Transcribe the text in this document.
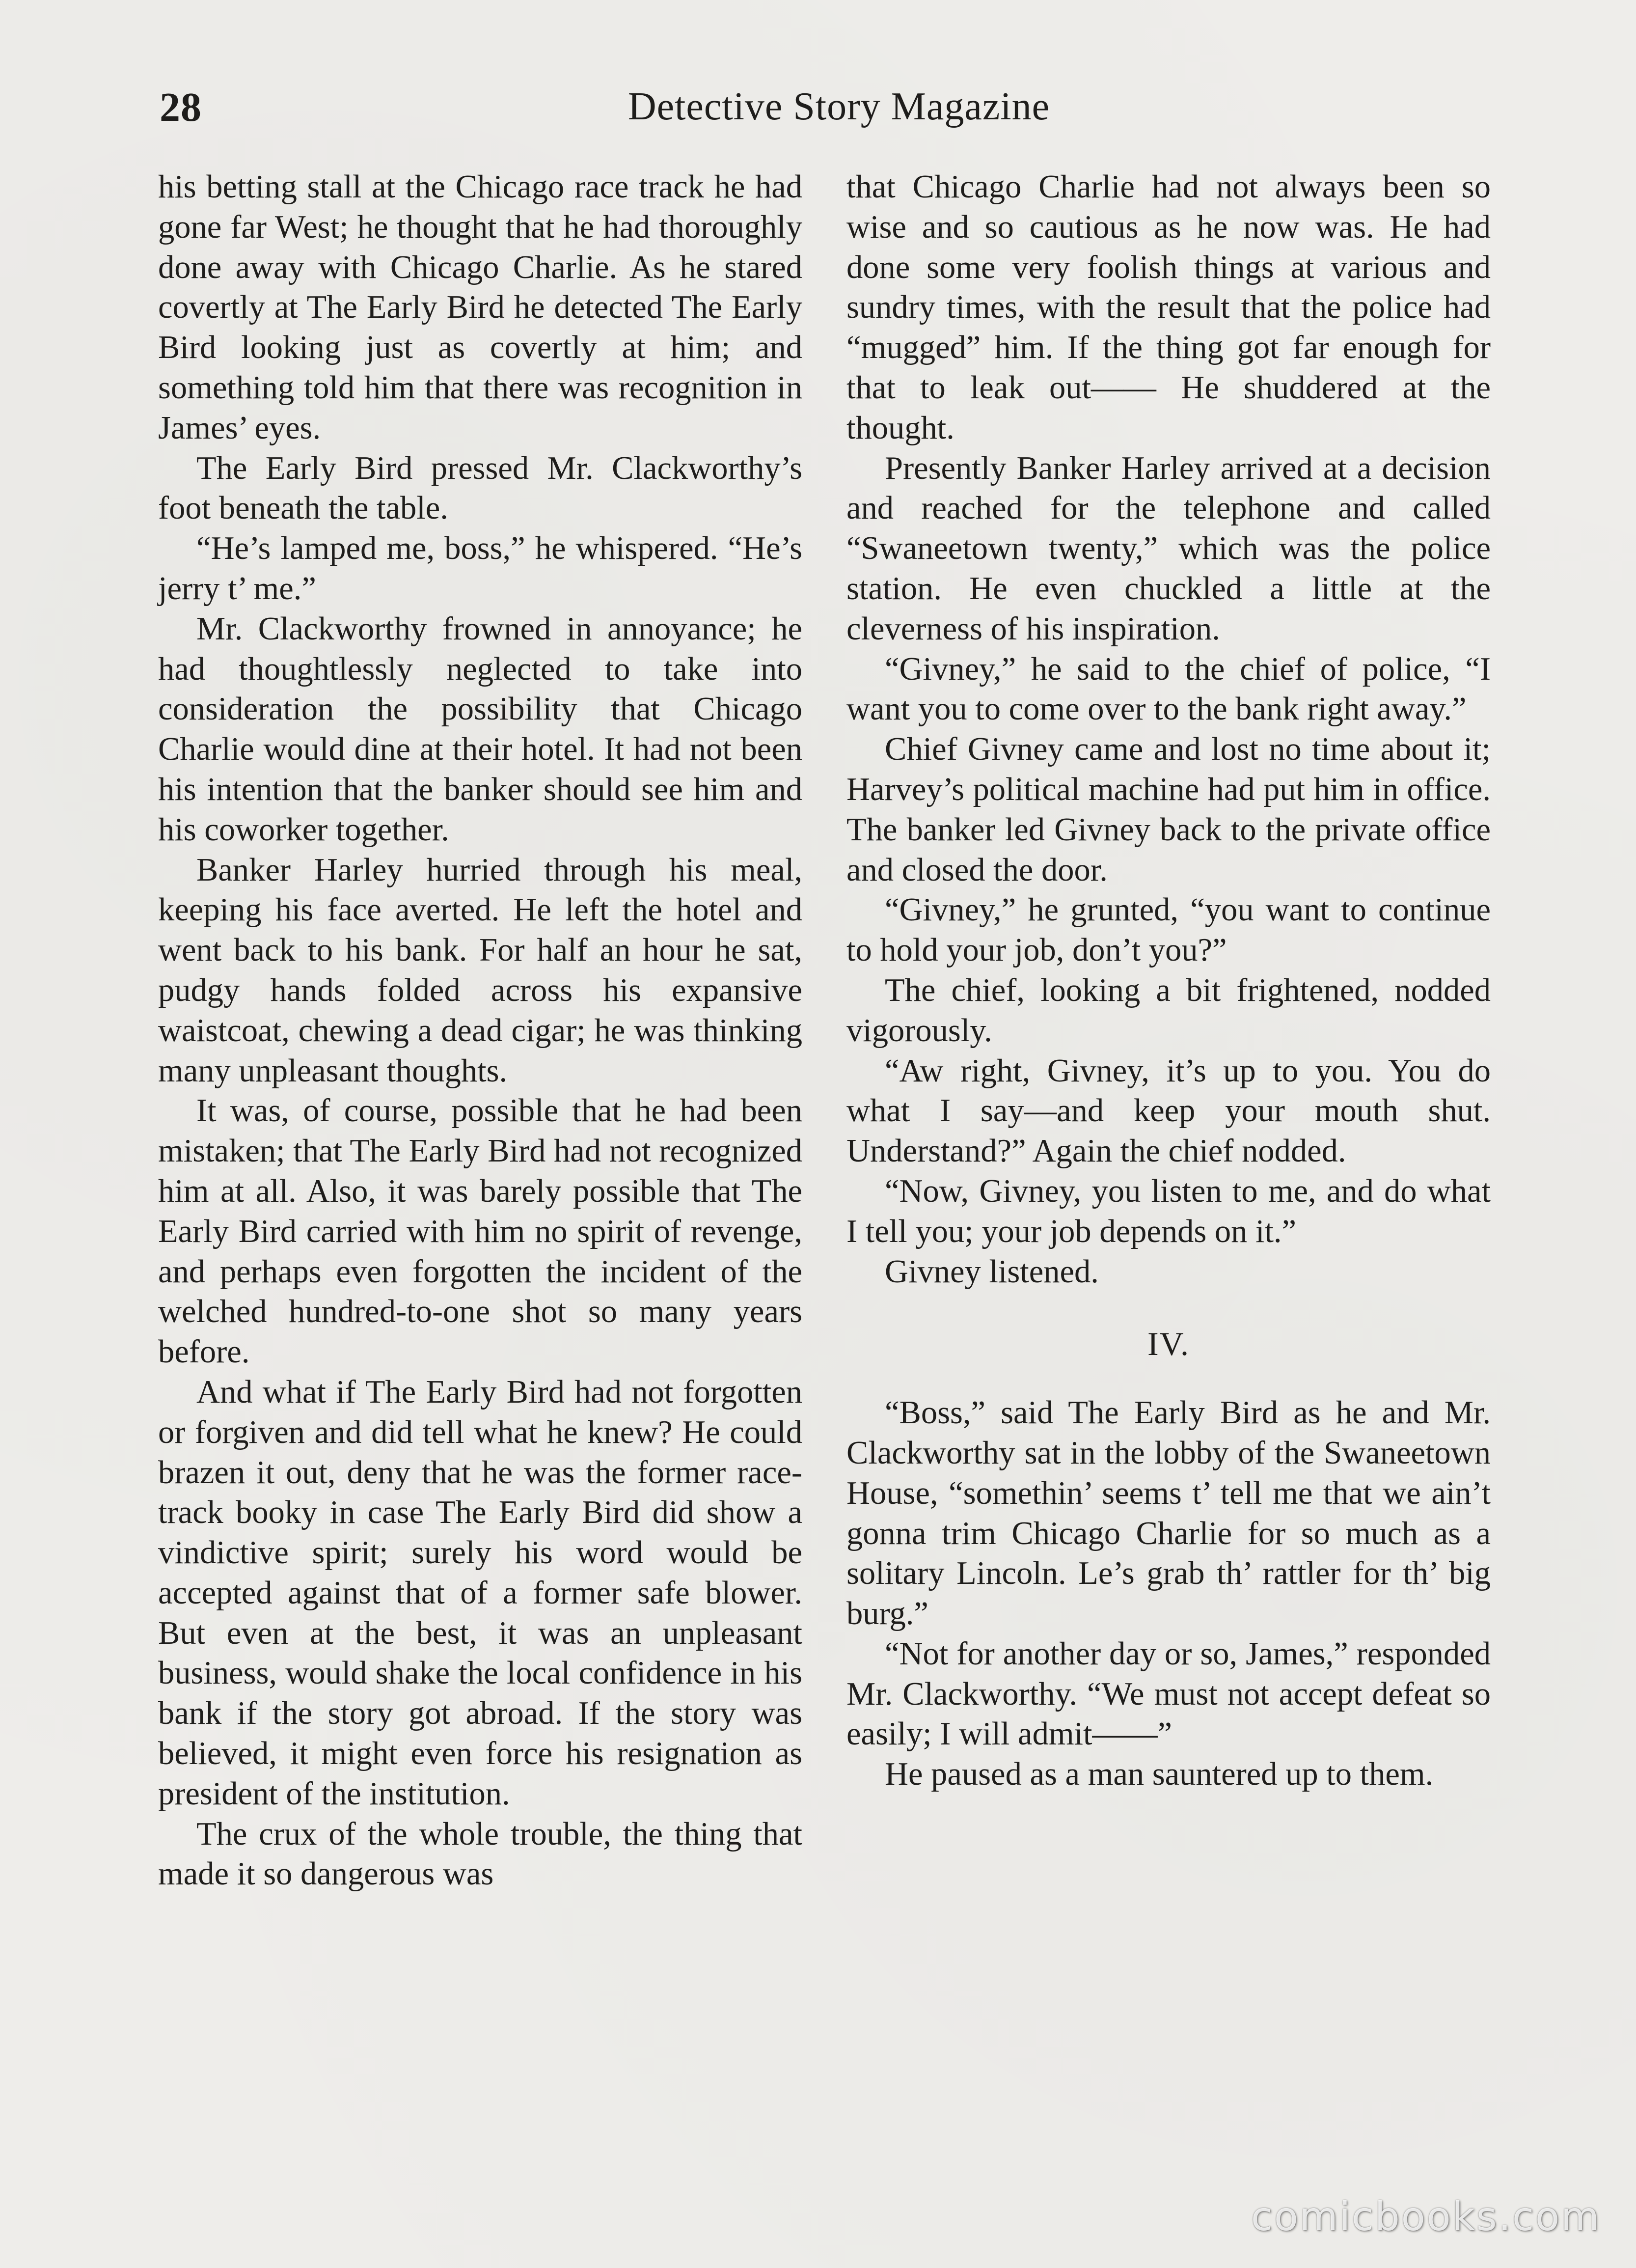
28	Detective Story Magazine

his betting stall at the Chicago race track he had gone far West; he thought that he had thoroughly done away with Chicago Charlie. As he stared covertly at The Early Bird he detected The Early Bird looking just as covertly at him; and something told him that there was recognition in James’ eyes.

The Early Bird pressed Mr. Clackworthy’s foot beneath the table.

“He’s lamped me, boss,” he whispered. “He’s jerry t’ me.”

Mr. Clackworthy frowned in annoyance; he had thoughtlessly neglected to take into consideration the possibility that Chicago Charlie would dine at their hotel. It had not been his intention that the banker should see him and his coworker together.

Banker Harley hurried through his meal, keeping his face averted. He left the hotel and went back to his bank. For half an hour he sat, pudgy hands folded across his expansive waistcoat, chewing a dead cigar; he was thinking many unpleasant thoughts.

It was, of course, possible that he had been mistaken; that The Early Bird had not recognized him at all. Also, it was barely possible that The Early Bird carried with him no spirit of revenge, and perhaps even forgotten the incident of the welched hundred-to-one shot so many years before.

And what if The Early Bird had not forgotten or forgiven and did tell what he knew? He could brazen it out, deny that he was the former race-track booky in case The Early Bird did show a vindictive spirit; surely his word would be accepted against that of a former safe blower. But even at the best, it was an unpleasant business, would shake the local confidence in his bank if the story got abroad. If the story was believed, it might even force his resignation as president of the institution.

The crux of the whole trouble, the thing that made it so dangerous was

that Chicago Charlie had not always been so wise and so cautious as he now was. He had done some very foolish things at various and sundry times, with the result that the police had “mugged” him. If the thing got far enough for that to leak out—— He shuddered at the thought.

Presently Banker Harley arrived at a decision and reached for the telephone and called “Swaneetown twenty,” which was the police station. He even chuckled a little at the cleverness of his inspiration.

“Givney,” he said to the chief of police, “I want you to come over to the bank right away.”

Chief Givney came and lost no time about it; Harvey’s political machine had put him in office. The banker led Givney back to the private office and closed the door.

“Givney,” he grunted, “you want to continue to hold your job, don’t you?”

The chief, looking a bit frightened, nodded vigorously.

“Aw right, Givney, it’s up to you. You do what I say—and keep your mouth shut. Understand?” Again the chief nodded.

“Now, Givney, you listen to me, and do what I tell you; your job depends on it.”

Givney listened.

IV.

“Boss,” said The Early Bird as he and Mr. Clackworthy sat in the lobby of the Swaneetown House, “somethin’ seems t’ tell me that we ain’t gonna trim Chicago Charlie for so much as a solitary Lincoln. Le’s grab th’ rattler for th’ big burg.”

“Not for another day or so, James,” responded Mr. Clackworthy. “We must not accept defeat so easily; I will admit——”

He paused as a man sauntered up to them.

comicbooks.com
